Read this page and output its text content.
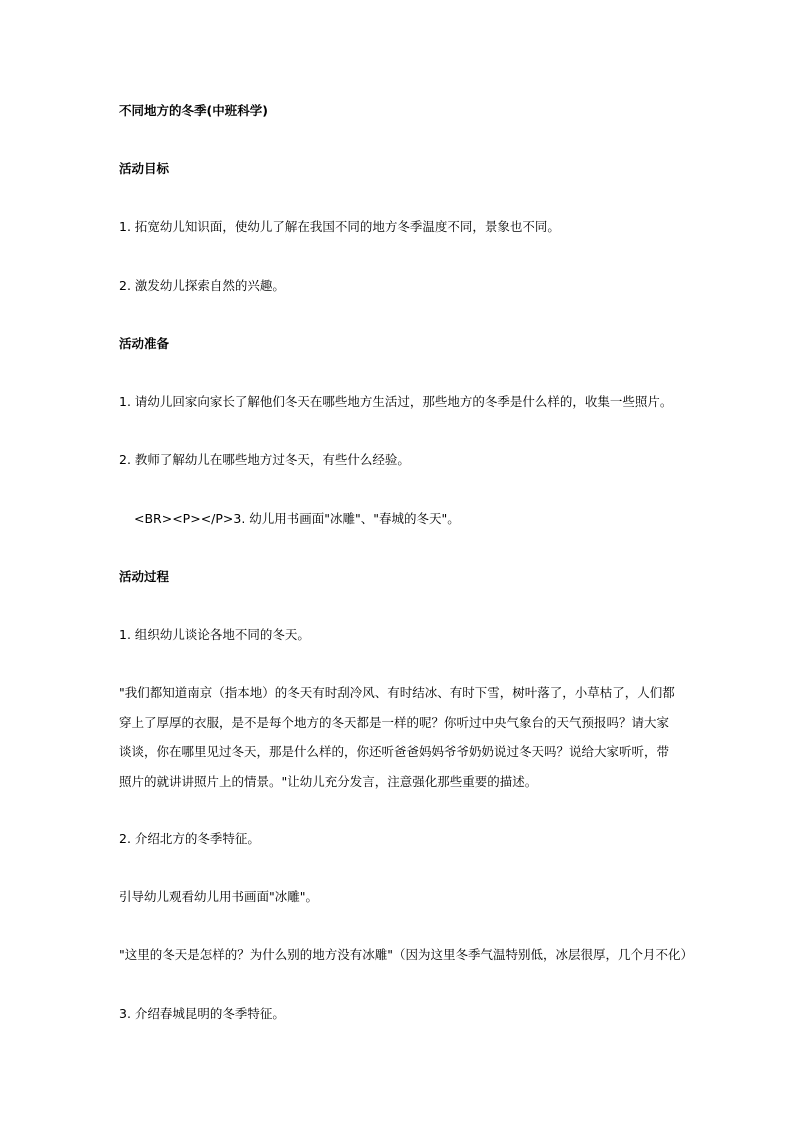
不同地方的冬季(中班科学)

活动目标

1. 拓宽幼儿知识面，使幼儿了解在我国不同的地方冬季温度不同，景象也不同。

2. 激发幼儿探索自然的兴趣。

活动准备

1. 请幼儿回家向家长了解他们冬天在哪些地方生活过，那些地方的冬季是什么样的，收集一些照片。

2. 教师了解幼儿在哪些地方过冬天，有些什么经验。

<BR><P></P>3. 幼儿用书画面"冰雕"、"春城的冬天"。

活动过程

1. 组织幼儿谈论各地不同的冬天。

"我们都知道南京（指本地）的冬天有时刮冷风、有时结冰、有时下雪，树叶落了，小草枯了，人们都穿上了厚厚的衣服，是不是每个地方的冬天都是一样的呢？你听过中央气象台的天气预报吗？请大家谈谈，你在哪里见过冬天，那是什么样的，你还听爸爸妈妈爷爷奶奶说过冬天吗？说给大家听听，带照片的就讲讲照片上的情景。"让幼儿充分发言，注意强化那些重要的描述。

2. 介绍北方的冬季特征。

引导幼儿观看幼儿用书画面"冰雕"。

"这里的冬天是怎样的？为什么别的地方没有冰雕"（因为这里冬季气温特别低，冰层很厚，几个月不化）

3. 介绍春城昆明的冬季特征。
